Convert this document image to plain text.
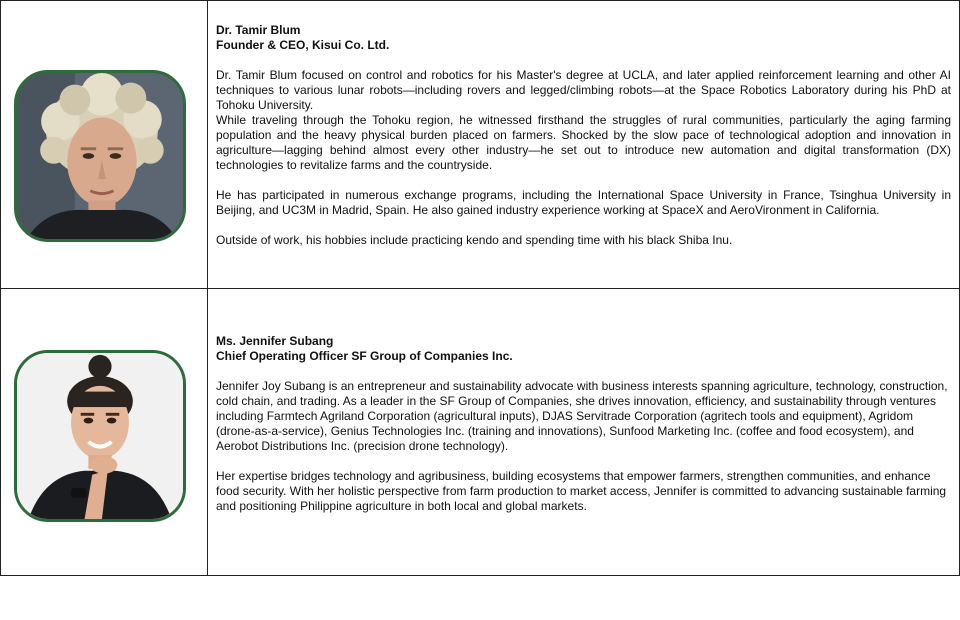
Dr. Tamir Blum

Founder & CEO, Kisui Co. Ltd.

Dr. Tamir Blum focused on control and robotics for his Master's degree at UCLA, and later applied reinforcement learning and other AI techniques to various lunar robots—including rovers and legged/climbing robots—at the Space Robotics Laboratory during his PhD at Tohoku University.

While traveling through the Tohoku region, he witnessed firsthand the struggles of rural communities, particularly the aging farming population and the heavy physical burden placed on farmers. Shocked by the slow pace of technological adoption and innovation in agriculture—lagging behind almost every other industry—he set out to introduce new automation and digital transformation (DX) technologies to revitalize farms and the countryside.

He has participated in numerous exchange programs, including the International Space University in France, Tsinghua University in Beijing, and UC3M in Madrid, Spain. He also gained industry experience working at SpaceX and AeroVironment in California.

Outside of work, his hobbies include practicing kendo and spending time with his black Shiba Inu.

Ms. Jennifer Subang

Chief Operating Officer SF Group of Companies Inc.

Jennifer Joy Subang is an entrepreneur and sustainability advocate with business interests spanning agriculture, technology, construction, cold chain, and trading. As a leader in the SF Group of Companies, she drives innovation, efficiency, and sustainability through ventures including Farmtech Agriland Corporation (agricultural inputs), DJAS Servitrade Corporation (agritech tools and equipment), Agridom (drone-as-a-service), Genius Technologies Inc. (training and innovations), Sunfood Marketing Inc. (coffee and food ecosystem), and Aerobot Distributions Inc. (precision drone technology).

Her expertise bridges technology and agribusiness, building ecosystems that empower farmers, strengthen communities, and enhance food security. With her holistic perspective from farm production to market access, Jennifer is committed to advancing sustainable farming and positioning Philippine agriculture in both local and global markets.
